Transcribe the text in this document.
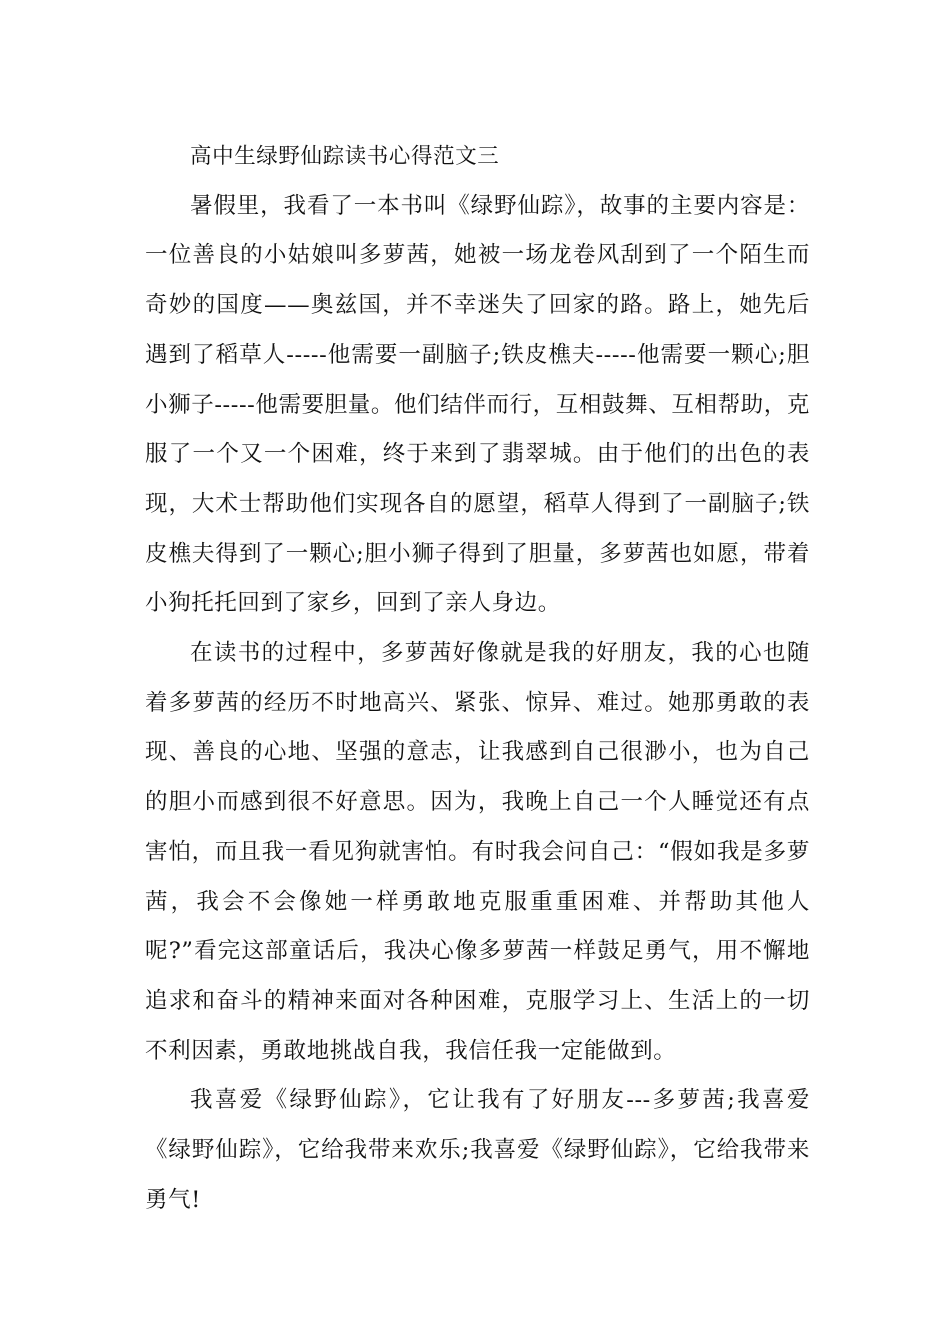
高中生绿野仙踪读书心得范文三

暑假里，我看了一本书叫《绿野仙踪》，故事的主要内容是：一位善良的小姑娘叫多萝茜，她被一场龙卷风刮到了一个陌生而奇妙的国度——奥兹国，并不幸迷失了回家的路。路上，她先后遇到了稻草人-----他需要一副脑子;铁皮樵夫-----他需要一颗心;胆小狮子-----他需要胆量。他们结伴而行，互相鼓舞、互相帮助，克服了一个又一个困难，终于来到了翡翠城。由于他们的出色的表现，大术士帮助他们实现各自的愿望，稻草人得到了一副脑子;铁皮樵夫得到了一颗心;胆小狮子得到了胆量，多萝茜也如愿，带着小狗托托回到了家乡，回到了亲人身边。

在读书的过程中，多萝茜好像就是我的好朋友，我的心也随着多萝茜的经历不时地高兴、紧张、惊异、难过。她那勇敢的表现、善良的心地、坚强的意志，让我感到自己很渺小，也为自己的胆小而感到很不好意思。因为，我晚上自己一个人睡觉还有点害怕，而且我一看见狗就害怕。有时我会问自己：“假如我是多萝茜，我会不会像她一样勇敢地克服重重困难、并帮助其他人呢?”看完这部童话后，我决心像多萝茜一样鼓足勇气，用不懈地追求和奋斗的精神来面对各种困难，克服学习上、生活上的一切不利因素，勇敢地挑战自我，我信任我一定能做到。

我喜爱《绿野仙踪》，它让我有了好朋友---多萝茜;我喜爱《绿野仙踪》，它给我带来欢乐;我喜爱《绿野仙踪》，它给我带来勇气!
